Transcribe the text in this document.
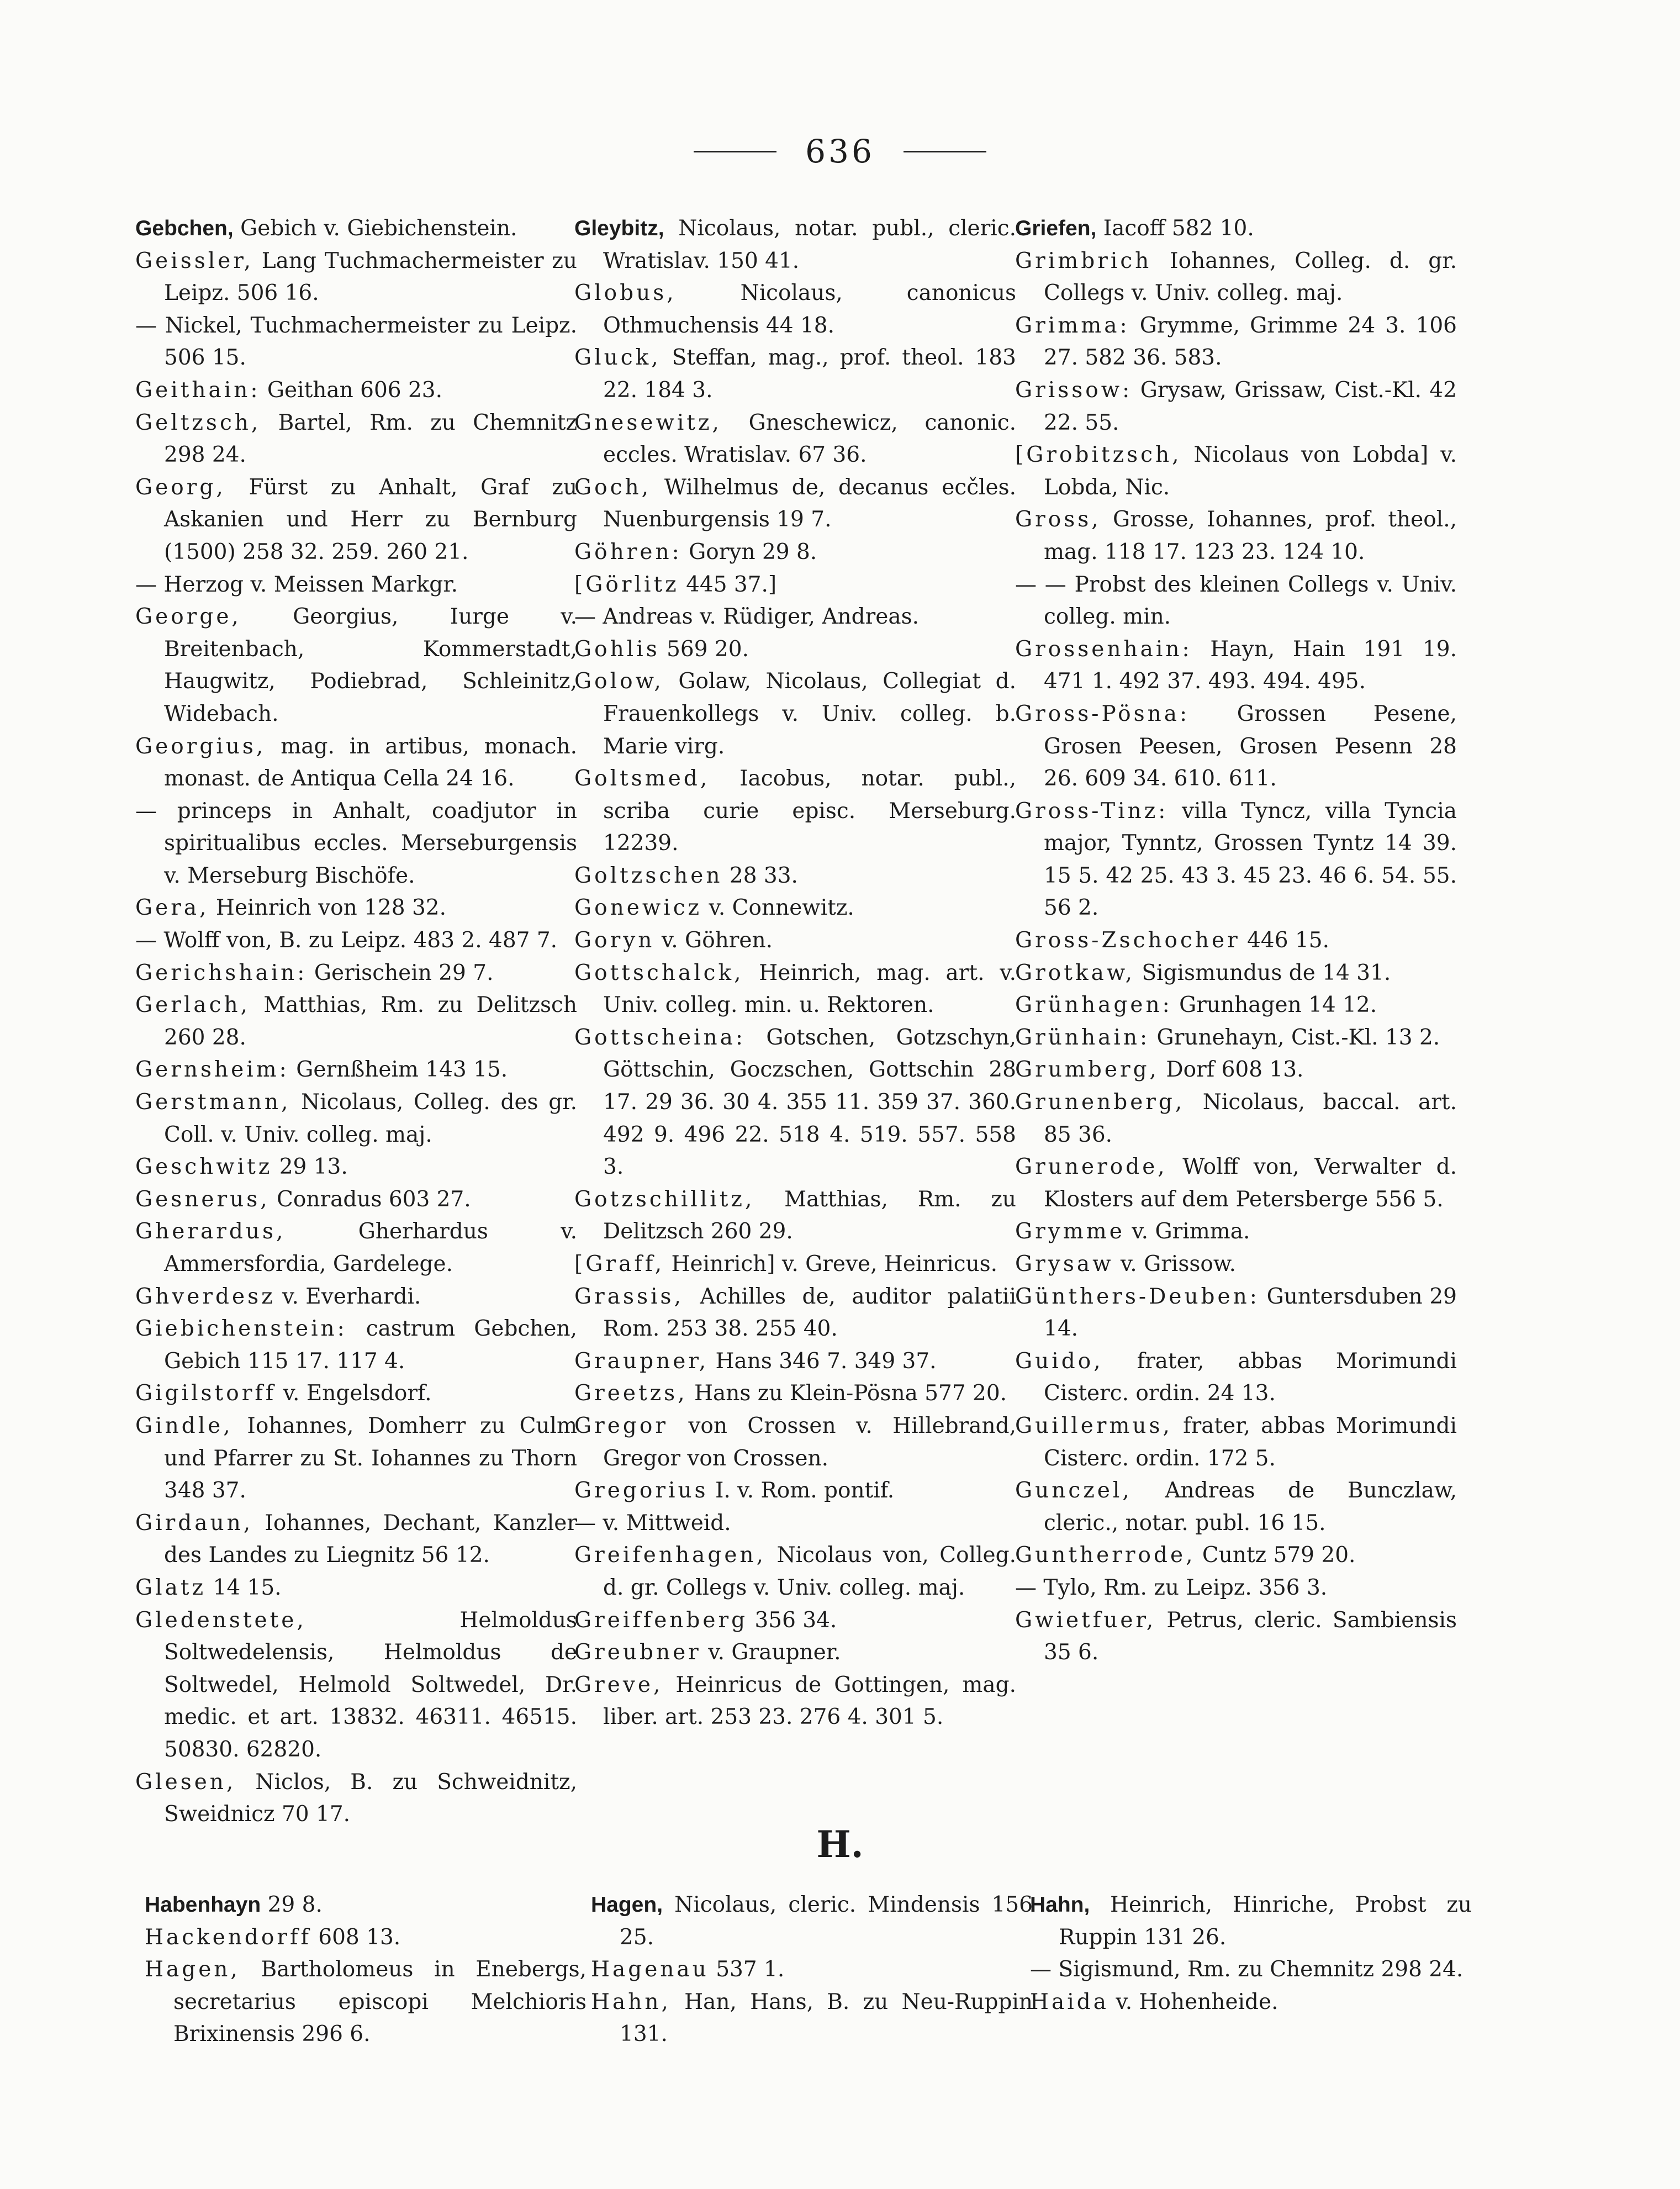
636

Gebchen, Gebich v. Giebichenstein.

Geissler, Lang Tuchmachermeister zu Leipz. 506 16.

— Nickel, Tuchmachermeister zu Leipz. 506 15.

Geithain: Geithan 606 23.

Geltzsch, Bartel, Rm. zu Chemnitz 298 24.

Georg, Fürst zu Anhalt, Graf zu Askanien und Herr zu Bernburg (1500) 258 32. 259. 260 21.

— Herzog v. Meissen Markgr.

George, Georgius, Iurge v. Breitenbach, Kommerstadt, Haugwitz, Podiebrad, Schleinitz, Widebach.

Georgius, mag. in artibus, monach. monast. de Antiqua Cella 24 16.

— princeps in Anhalt, coadjutor in spiritualibus eccles. Merseburgensis v. Merseburg Bischöfe.

Gera, Heinrich von 128 32.

— Wolff von, B. zu Leipz. 483 2. 487 7.

Gerichshain: Gerischein 29 7.

Gerlach, Matthias, Rm. zu Delitzsch 260 28.

Gernsheim: Gernßheim 143 15.

Gerstmann, Nicolaus, Colleg. des gr. Coll. v. Univ. colleg. maj.

Geschwitz 29 13.

Gesnerus, Conradus 603 27.

Gherardus, Gherhardus v. Ammersfordia, Gardelege.

Ghverdesz v. Everhardi.

Giebichenstein: castrum Gebchen, Gebich 115 17. 117 4.

Gigilstorff v. Engelsdorf.

Gindle, Iohannes, Domherr zu Culm und Pfarrer zu St. Iohannes zu Thorn 348 37.

Girdaun, Iohannes, Dechant, Kanzler des Landes zu Liegnitz 56 12.

Glatz 14 15.

Gledenstete, Helmoldus Soltwedelensis, Helmoldus de Soltwedel, Helmold Soltwedel, Dr. medic. et art. 13832. 46311. 46515. 50830. 62820.

Glesen, Niclos, B. zu Schweidnitz, Sweidnicz 70 17.

Gleybitz, Nicolaus, notar. publ., cleric. Wratislav. 150 41.

Globus, Nicolaus, canonicus Othmuchensis 44 18.

Gluck, Steffan, mag., prof. theol. 183 22. 184 3.

Gnesewitz, Gneschewicz, canonic. eccles. Wratislav. 67 36.

Goch, Wilhelmus de, decanus ecčles. Nuenburgensis 19 7.

Göhren: Goryn 29 8.

[Görlitz 445 37.]

— Andreas v. Rüdiger, Andreas.

Gohlis 569 20.

Golow, Golaw, Nicolaus, Collegiat d. Frauenkollegs v. Univ. colleg. b. Marie virg.

Goltsmed, Iacobus, notar. publ., scriba curie episc. Merseburg. 12239.

Goltzschen 28 33.

Gonewicz v. Connewitz.

Goryn v. Göhren.

Gottschalck, Heinrich, mag. art. v. Univ. colleg. min. u. Rektoren.

Gottscheina: Gotschen, Gotzschyn, Göttschin, Goczschen, Gottschin 28 17. 29 36. 30 4. 355 11. 359 37. 360. 492 9. 496 22. 518 4. 519. 557. 558 3.

Gotzschillitz, Matthias, Rm. zu Delitzsch 260 29.

[Graff, Heinrich] v. Greve, Heinricus.

Grassis, Achilles de, auditor palatii Rom. 253 38. 255 40.

Graupner, Hans 346 7. 349 37.

Greetzs, Hans zu Klein-Pösna 577 20.

Gregor von Crossen v. Hillebrand, Gregor von Crossen.

Gregorius I. v. Rom. pontif.

— v. Mittweid.

Greifenhagen, Nicolaus von, Colleg. d. gr. Collegs v. Univ. colleg. maj.

Greiffenberg 356 34.

Greubner v. Graupner.

Greve, Heinricus de Gottingen, mag. liber. art. 253 23. 276 4. 301 5.

Griefen, Iacoff 582 10.

Grimbrich Iohannes, Colleg. d. gr. Collegs v. Univ. colleg. maj.

Grimma: Grymme, Grimme 24 3. 106 27. 582 36. 583.

Grissow: Grysaw, Grissaw, Cist.-Kl. 42 22. 55.

[Grobitzsch, Nicolaus von Lobda] v. Lobda, Nic.

Gross, Grosse, Iohannes, prof. theol., mag. 118 17. 123 23. 124 10.

— — Probst des kleinen Collegs v. Univ. colleg. min.

Grossenhain: Hayn, Hain 191 19. 471 1. 492 37. 493. 494. 495.

Gross-Pösna: Grossen Pesene, Grosen Peesen, Grosen Pesenn 28 26. 609 34. 610. 611.

Gross-Tinz: villa Tyncz, villa Tyncia major, Tynntz, Grossen Tyntz 14 39. 15 5. 42 25. 43 3. 45 23. 46 6. 54. 55. 56 2.

Gross-Zschocher 446 15.

Grotkaw, Sigismundus de 14 31.

Grünhagen: Grunhagen 14 12.

Grünhain: Grunehayn, Cist.-Kl. 13 2.

Grumberg, Dorf 608 13.

Grunenberg, Nicolaus, baccal. art. 85 36.

Grunerode, Wolff von, Verwalter d. Klosters auf dem Petersberge 556 5.

Grymme v. Grimma.

Grysaw v. Grissow.

Günthers-Deuben: Guntersduben 29 14.

Guido, frater, abbas Morimundi Cisterc. ordin. 24 13.

Guillermus, frater, abbas Morimundi Cisterc. ordin. 172 5.

Gunczel, Andreas de Bunczlaw, cleric., notar. publ. 16 15.

Guntherrode, Cuntz 579 20.

— Tylo, Rm. zu Leipz. 356 3.

Gwietfuer, Petrus, cleric. Sambiensis 35 6.

H.

Habenhayn 29 8.

Hackendorff 608 13.

Hagen, Bartholomeus in Enebergs, secretarius episcopi Melchioris Brixinensis 296 6.

Hagen, Nicolaus, cleric. Mindensis 156 25.

Hagenau 537 1.

Hahn, Han, Hans, B. zu Neu-Ruppin 131.

Hahn, Heinrich, Hinriche, Probst zu Ruppin 131 26.

— Sigismund, Rm. zu Chemnitz 298 24.

Haida v. Hohenheide.
